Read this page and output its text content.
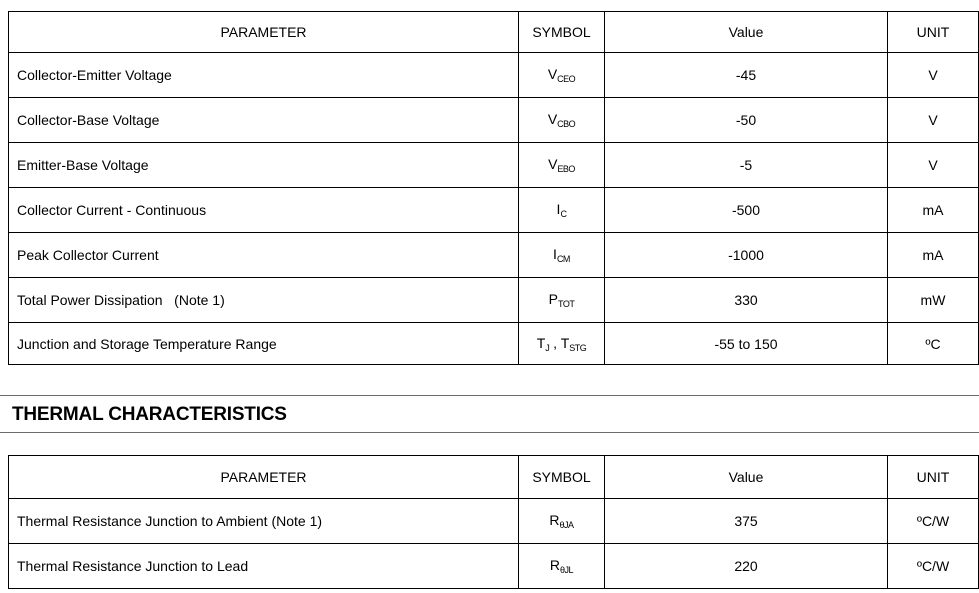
PARAMETER	SYMBOL	Value	UNIT
Collector-Emitter Voltage	$V_{CEO}$	-45	V
Collector-Base Voltage	$V_{CBO}$	-50	V
Emitter-Base Voltage	$V_{EBO}$	-5	V
Collector Current - Continuous	$I_C$	-500	mA
Peak Collector Current	$I_{CM}$	-1000	mA
Total Power Dissipation   (Note 1)	$P_{TOT}$	330	mW
Junction and Storage Temperature Range	$T_J$ , $T_{STG}$	-55 to 150	ºC
THERMAL CHARACTERISTICS
PARAMETER	SYMBOL	Value	UNIT
Thermal Resistance Junction to Ambient (Note 1)	$R_{\theta JA}$	375	ºC/W
Thermal Resistance Junction to Lead	$R_{\theta JL}$	220	ºC/W
